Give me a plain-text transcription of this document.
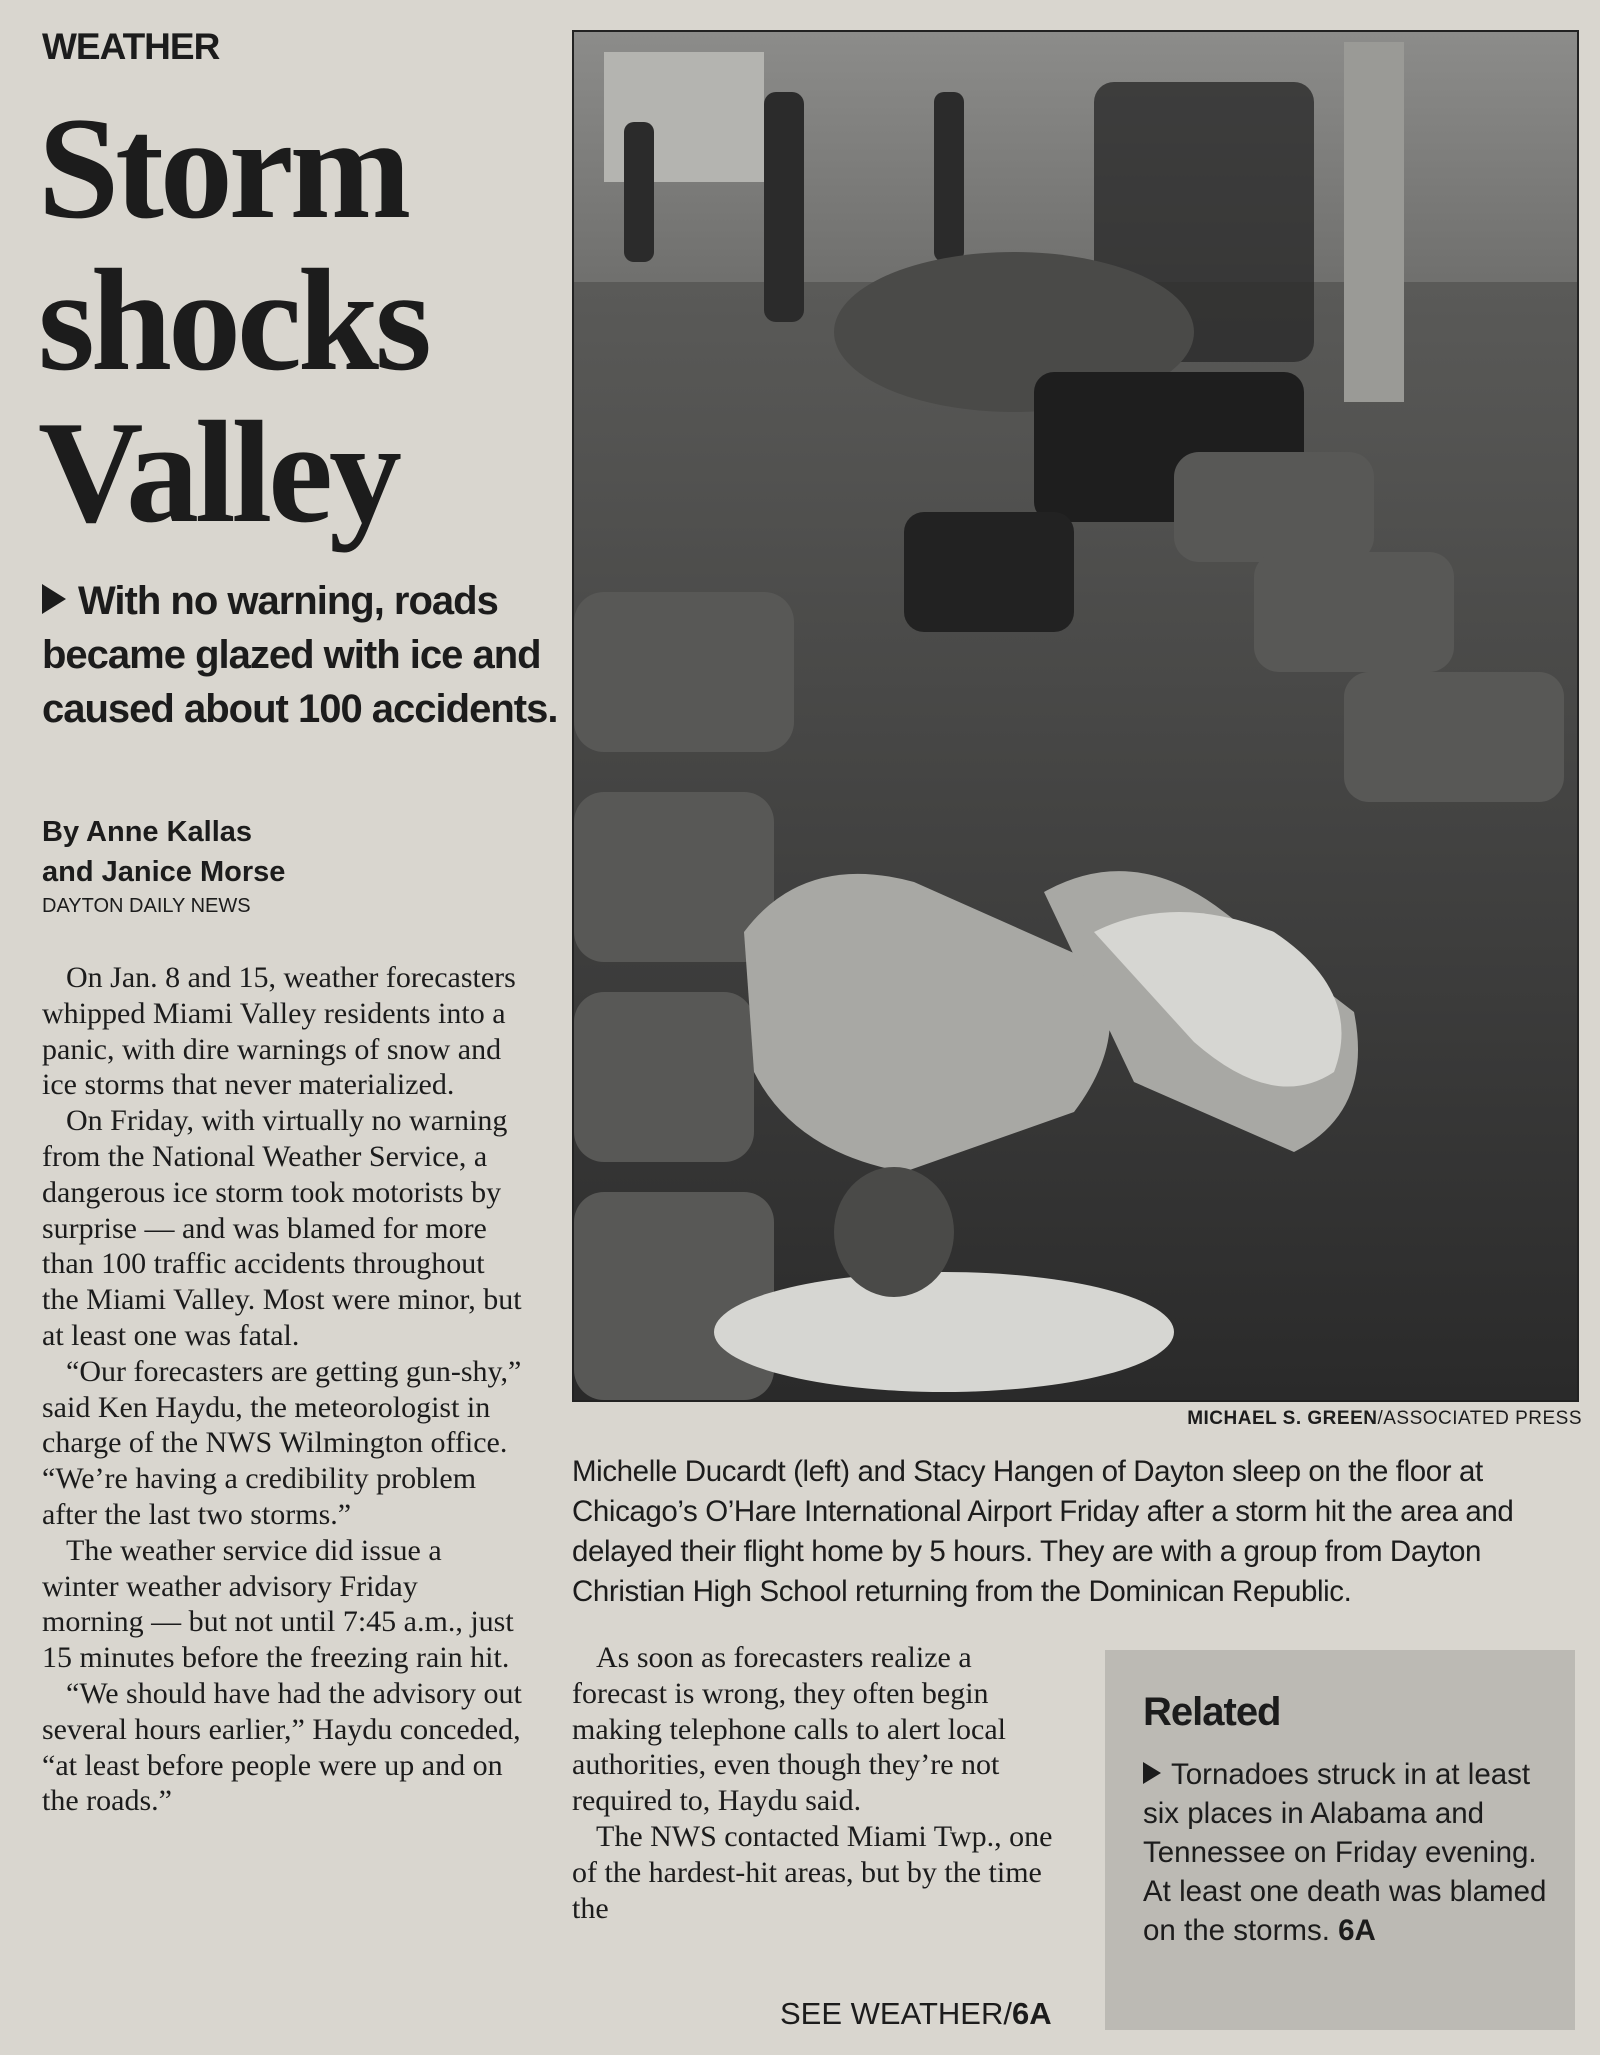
WEATHER
Storm
shocks
Valley
With no warning, roads became glazed with ice and caused about 100 accidents.
By Anne Kallas
and Janice Morse
DAYTON DAILY NEWS

On Jan. 8 and 15, weather forecasters whipped Miami Valley residents into a panic, with dire warnings of snow and ice storms that never materialized.

On Friday, with virtually no warning from the National Weather Service, a dangerous ice storm took motorists by surprise — and was blamed for more than 100 traffic accidents throughout the Miami Valley. Most were minor, but at least one was fatal.

“Our forecasters are getting gun-shy,” said Ken Haydu, the meteorologist in charge of the NWS Wilmington office. “We’re having a credibility problem after the last two storms.”

The weather service did issue a winter weather advisory Friday morning — but not until 7:45 a.m., just 15 minutes before the freezing rain hit.

“We should have had the advisory out several hours earlier,” Haydu conceded, “at least before people were up and on the roads.”

MICHAEL S. GREEN/ASSOCIATED PRESS
Michelle Ducardt (left) and Stacy Hangen of Dayton sleep on the floor at Chicago’s O’Hare International Airport Friday after a storm hit the area and delayed their flight home by 5 hours. They are with a group from Dayton Christian High School returning from the Dominican Republic.

As soon as forecasters realize a forecast is wrong, they often begin making telephone calls to alert local authorities, even though they’re not required to, Haydu said.

The NWS contacted Miami Twp., one of the hardest-hit areas, but by the time the

SEE WEATHER/6A
Related
Tornadoes struck in at least six places in Alabama and Tennessee on Friday evening. At least one death was blamed on the storms. 6A
